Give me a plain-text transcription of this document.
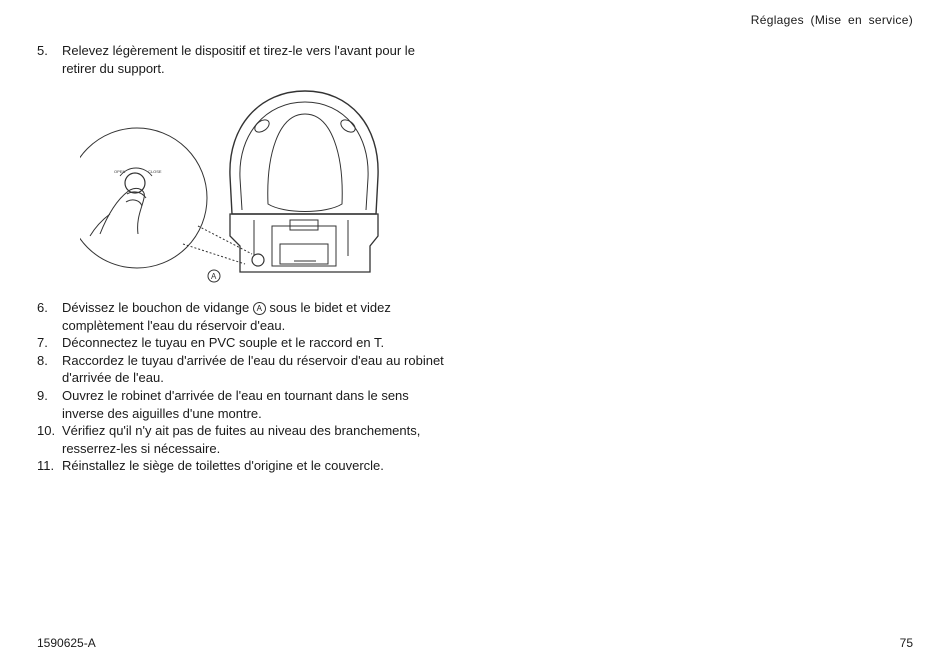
Réglages (Mise en service)
5.	Relevez légèrement le dispositif et tirez-le vers l'avant pour le retirer du support.
OPEN	CLOSE
A
6.	Dévissez le bouchon de vidange A sous le bidet et videz complètement l'eau du réservoir d'eau.
7.	Déconnectez le tuyau en PVC souple et le raccord en T.
8.	Raccordez le tuyau d'arrivée de l'eau du réservoir d'eau au robinet d'arrivée de l'eau.
9.	Ouvrez le robinet d'arrivée de l'eau en tournant dans le sens inverse des aiguilles d'une montre.
10. Vérifiez qu'il n'y ait pas de fuites au niveau des branchements, resserrez-les si nécessaire.
11. Réinstallez le siège de toilettes d'origine et le couvercle.
1590625-A	75
